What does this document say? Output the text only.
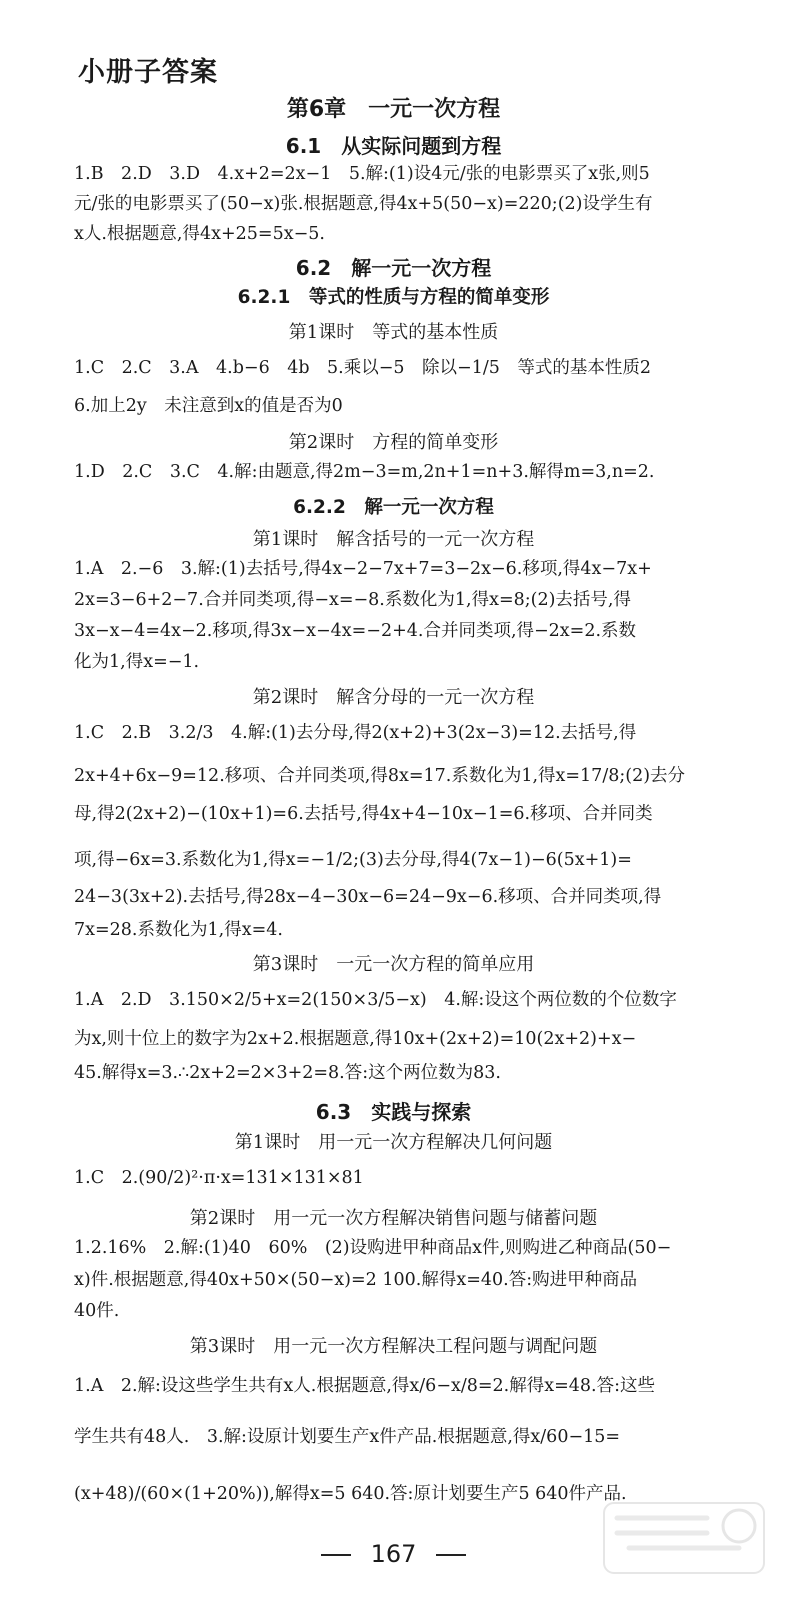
小册子答案
第6章　一元一次方程
6.1　从实际问题到方程
1.B　2.D　3.D　4.x+2=2x−1　5.解:(1)设4元/张的电影票买了x张,则5
元/张的电影票买了(50−x)张.根据题意,得4x+5(50−x)=220;(2)设学生有
x人.根据题意,得4x+25=5x−5.
6.2　解一元一次方程
6.2.1　等式的性质与方程的简单变形
第1课时　等式的基本性质
1.C　2.C　3.A　4.b−6　4b　5.乘以−5　除以−1/5　等式的基本性质2
6.加上2y　未注意到x的值是否为0
第2课时　方程的简单变形
1.D　2.C　3.C　4.解:由题意,得2m−3=m,2n+1=n+3.解得m=3,n=2.
6.2.2　解一元一次方程
第1课时　解含括号的一元一次方程
1.A　2.−6　3.解:(1)去括号,得4x−2−7x+7=3−2x−6.移项,得4x−7x+
2x=3−6+2−7.合并同类项,得−x=−8.系数化为1,得x=8;(2)去括号,得
3x−x−4=4x−2.移项,得3x−x−4x=−2+4.合并同类项,得−2x=2.系数
化为1,得x=−1.
第2课时　解含分母的一元一次方程
1.C　2.B　3.2/3　4.解:(1)去分母,得2(x+2)+3(2x−3)=12.去括号,得
2x+4+6x−9=12.移项、合并同类项,得8x=17.系数化为1,得x=17/8;(2)去分
母,得2(2x+2)−(10x+1)=6.去括号,得4x+4−10x−1=6.移项、合并同类
项,得−6x=3.系数化为1,得x=−1/2;(3)去分母,得4(7x−1)−6(5x+1)=
24−3(3x+2).去括号,得28x−4−30x−6=24−9x−6.移项、合并同类项,得
7x=28.系数化为1,得x=4.
第3课时　一元一次方程的简单应用
1.A　2.D　3.150×2/5+x=2(150×3/5−x)　4.解:设这个两位数的个位数字
为x,则十位上的数字为2x+2.根据题意,得10x+(2x+2)=10(2x+2)+x−
45.解得x=3.∴2x+2=2×3+2=8.答:这个两位数为83.
6.3　实践与探索
第1课时　用一元一次方程解决几何问题
1.C　2.(90/2)²·π·x=131×131×81
第2课时　用一元一次方程解决销售问题与储蓄问题
1.2.16%　2.解:(1)40　60%　(2)设购进甲种商品x件,则购进乙种商品(50−
x)件.根据题意,得40x+50×(50−x)=2 100.解得x=40.答:购进甲种商品
40件.
第3课时　用一元一次方程解决工程问题与调配问题
1.A　2.解:设这些学生共有x人.根据题意,得x/6−x/8=2.解得x=48.答:这些
学生共有48人.　3.解:设原计划要生产x件产品.根据题意,得x/60−15=
(x+48)/(60×(1+20%)),解得x=5 640.答:原计划要生产5 640件产品.
167
